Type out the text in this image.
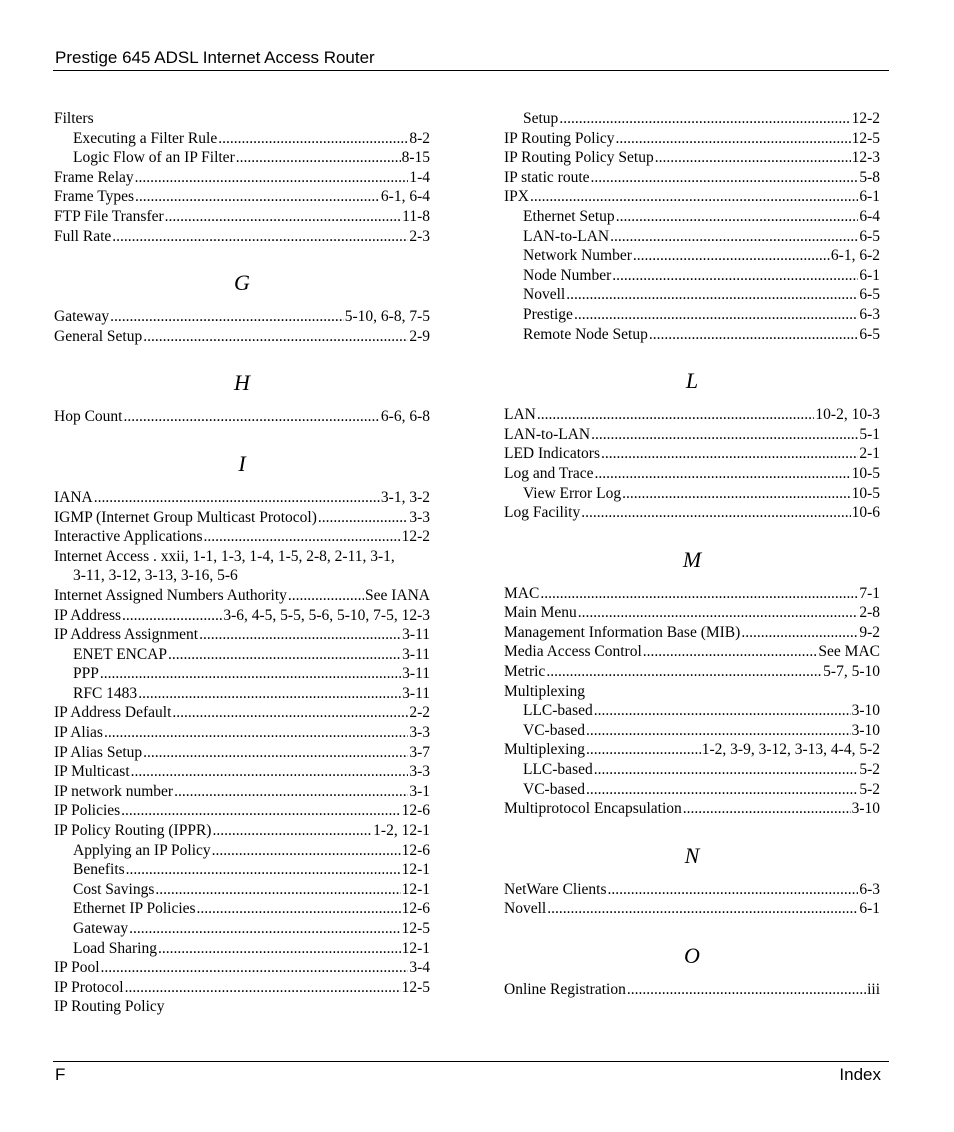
Prestige 645 ADSL Internet Access Router
Filters
Executing a Filter Rule .....	8-2
Logic Flow of an IP Filter .....	8-15
Frame Relay .....	1-4
Frame Types .....	6-1, 6-4
FTP File Transfer .....	11-8
Full Rate .....	2-3
G
Gateway .....	5-10, 6-8, 7-5
General Setup .....	2-9
H
Hop Count .....	6-6, 6-8
I
IANA .....	3-1, 3-2
IGMP (Internet Group Multicast Protocol) .....	3-3
Interactive Applications .....	12-2
Internet Access . xxii, 1-1, 1-3, 1-4, 1-5, 2-8, 2-11, 3-1,
3-11, 3-12, 3-13, 3-16, 5-6
Internet Assigned Numbers Authority .....	See IANA
IP Address .....	3-6, 4-5, 5-5, 5-6, 5-10, 7-5, 12-3
IP Address Assignment .....	3-11
ENET ENCAP .....	3-11
PPP .....	3-11
RFC 1483 .....	3-11
IP Address Default .....	2-2
IP Alias .....	3-3
IP Alias Setup .....	3-7
IP Multicast .....	3-3
IP network number .....	3-1
IP Policies .....	12-6
IP Policy Routing (IPPR) .....	1-2, 12-1
Applying an IP Policy .....	12-6
Benefits .....	12-1
Cost Savings .....	12-1
Ethernet IP Policies .....	12-6
Gateway .....	12-5
Load Sharing .....	12-1
IP Pool .....	3-4
IP Protocol .....	12-5
IP Routing Policy
Setup .....	12-2
IP Routing Policy .....	12-5
IP Routing Policy Setup .....	12-3
IP static route .....	5-8
IPX .....	6-1
Ethernet Setup .....	6-4
LAN-to-LAN .....	6-5
Network Number .....	6-1, 6-2
Node Number .....	6-1
Novell .....	6-5
Prestige .....	6-3
Remote Node Setup .....	6-5
L
LAN .....	10-2, 10-3
LAN-to-LAN .....	5-1
LED Indicators .....	2-1
Log and Trace .....	10-5
View Error Log .....	10-5
Log Facility .....	10-6
M
MAC .....	7-1
Main Menu .....	2-8
Management Information Base (MIB) .....	9-2
Media Access Control .....	See MAC
Metric .....	5-7, 5-10
Multiplexing
LLC-based .....	3-10
VC-based .....	3-10
Multiplexing .....	1-2, 3-9, 3-12, 3-13, 4-4, 5-2
LLC-based .....	5-2
VC-based .....	5-2
Multiprotocol Encapsulation .....	3-10
N
NetWare Clients .....	6-3
Novell .....	6-1
O
Online Registration .....	iii
F	Index
